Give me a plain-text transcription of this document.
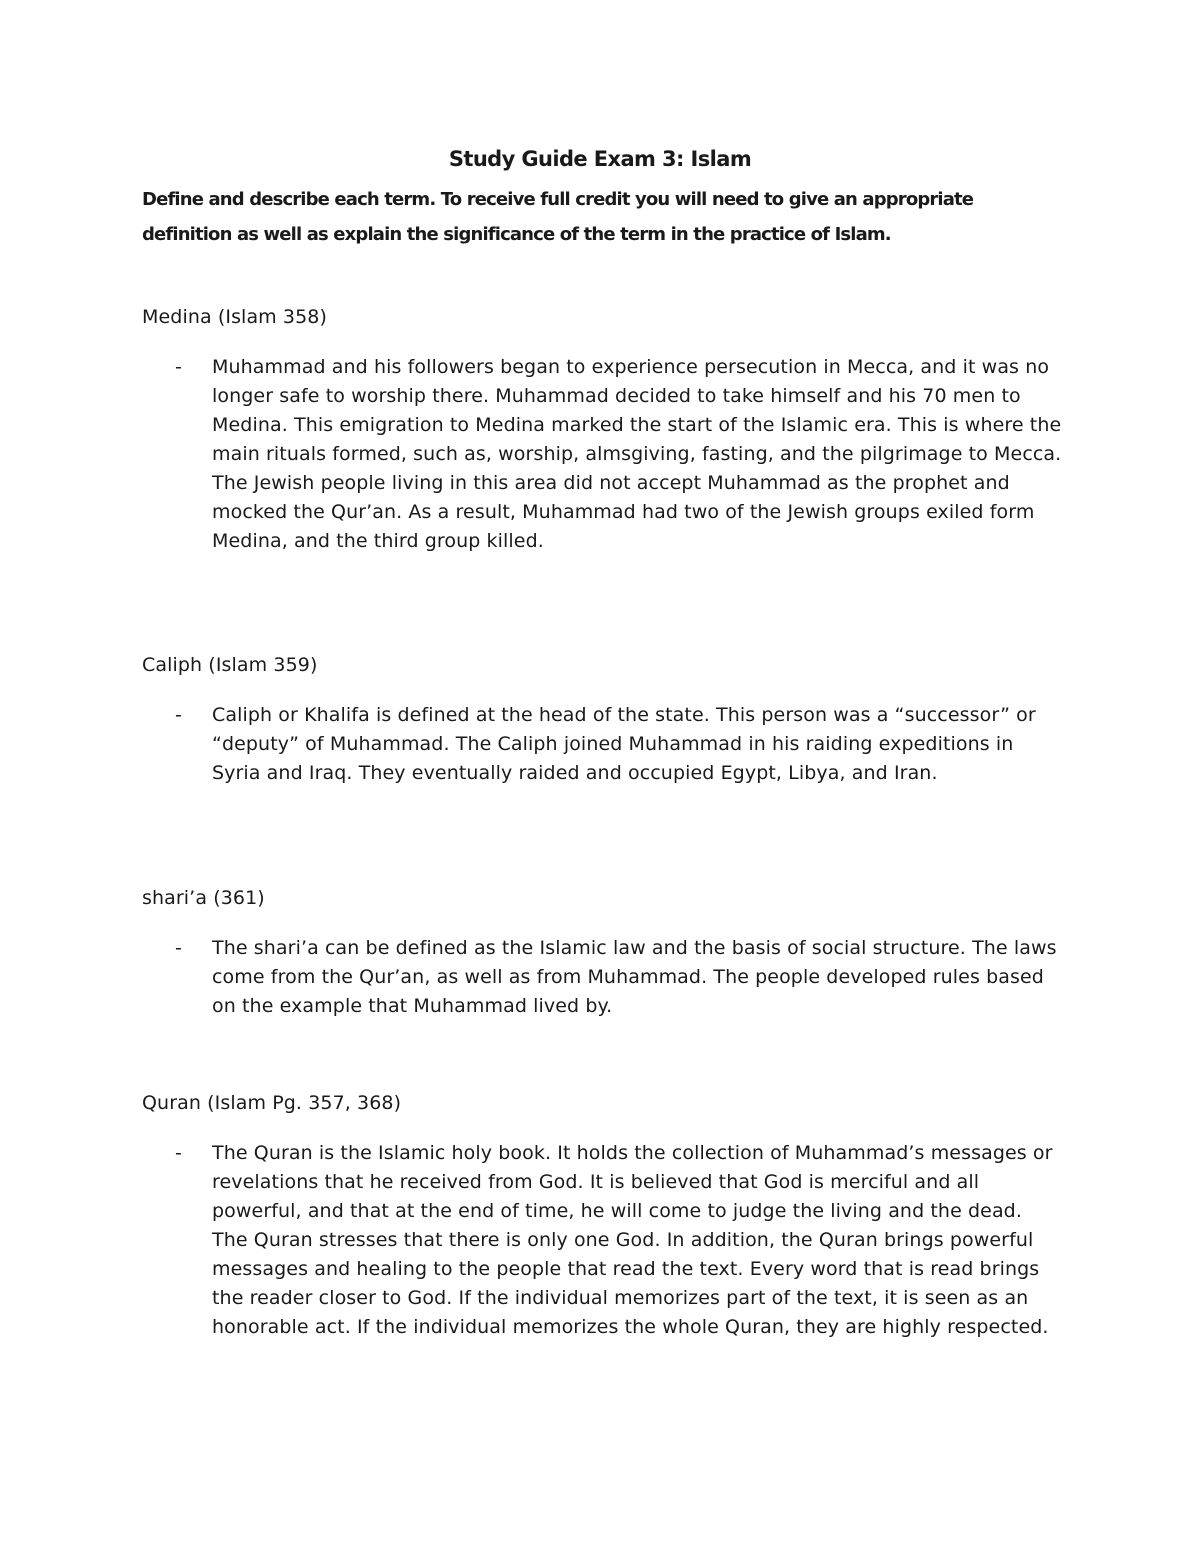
Study Guide Exam 3: Islam

Define and describe each term. To receive full credit you will need to give an appropriate definition as well as explain the significance of the term in the practice of Islam.

Medina (Islam 358)
- Muhammad and his followers began to experience persecution in Mecca, and it was no longer safe to worship there. Muhammad decided to take himself and his 70 men to Medina. This emigration to Medina marked the start of the Islamic era. This is where the main rituals formed, such as, worship, almsgiving, fasting, and the pilgrimage to Mecca. The Jewish people living in this area did not accept Muhammad as the prophet and mocked the Qur’an. As a result, Muhammad had two of the Jewish groups exiled form Medina, and the third group killed.
Caliph (Islam 359)
- Caliph or Khalifa is defined at the head of the state. This person was a “successor” or “deputy” of Muhammad. The Caliph joined Muhammad in his raiding expeditions in Syria and Iraq. They eventually raided and occupied Egypt, Libya, and Iran.
shari’a (361)
- The shari’a can be defined as the Islamic law and the basis of social structure. The laws come from the Qur’an, as well as from Muhammad. The people developed rules based on the example that Muhammad lived by.
Quran (Islam Pg. 357, 368)
- The Quran is the Islamic holy book. It holds the collection of Muhammad’s messages or revelations that he received from God. It is believed that God is merciful and all powerful, and that at the end of time, he will come to judge the living and the dead. The Quran stresses that there is only one God. In addition, the Quran brings powerful messages and healing to the people that read the text. Every word that is read brings the reader closer to God. If the individual memorizes part of the text, it is seen as an honorable act. If the individual memorizes the whole Quran, they are highly respected.
